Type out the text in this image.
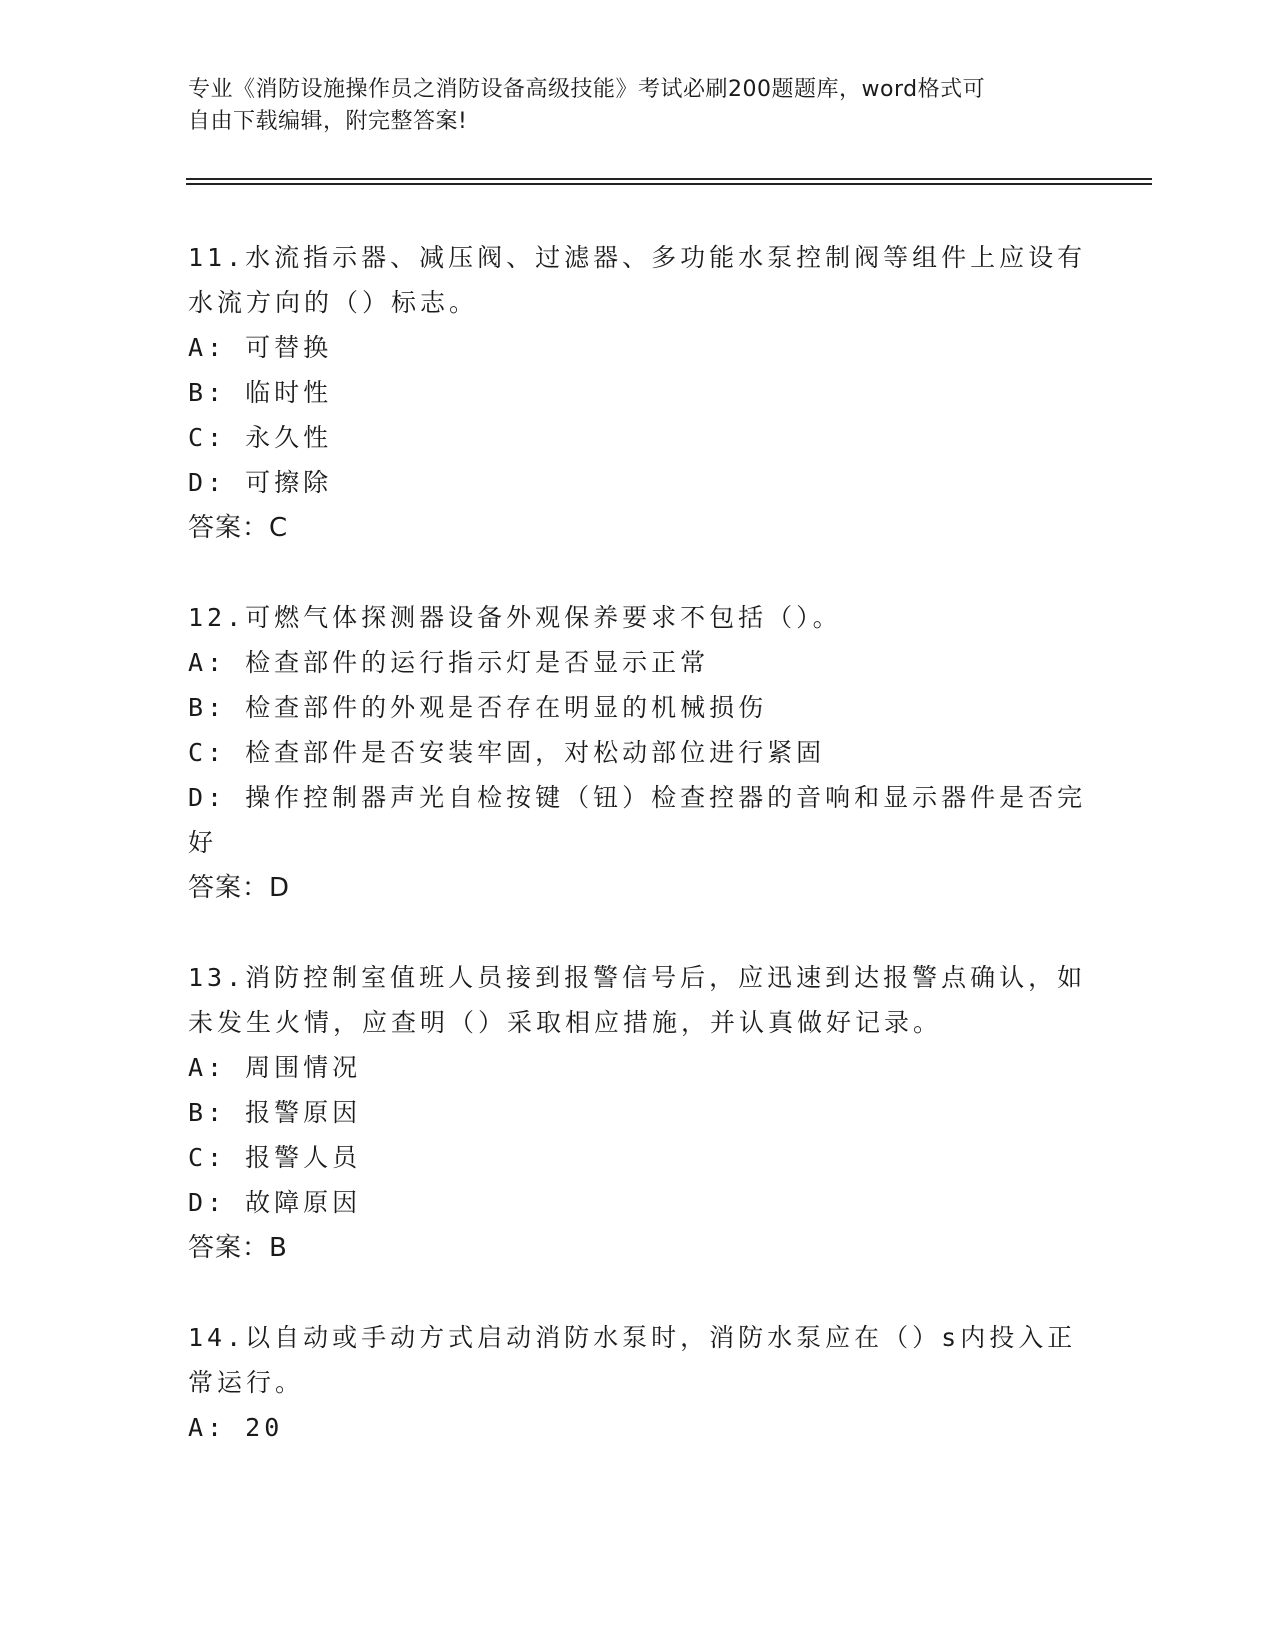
专业《消防设施操作员之消防设备高级技能》考试必刷200题题库，word格式可
自由下载编辑，附完整答案!

11.水流指示器、减压阀、过滤器、多功能水泵控制阀等组件上应设有水流方向的（）标志。

A: 可替换

B: 临时性

C: 永久性

D: 可擦除

答案：C

12.可燃气体探测器设备外观保养要求不包括（）。

A: 检查部件的运行指示灯是否显示正常

B: 检查部件的外观是否存在明显的机械损伤

C: 检查部件是否安装牢固，对松动部位进行紧固

D: 操作控制器声光自检按键（钮）检查控器的音响和显示器件是否完好

答案：D

13.消防控制室值班人员接到报警信号后，应迅速到达报警点确认，如未发生火情，应查明（）采取相应措施，并认真做好记录。

A: 周围情况

B: 报警原因

C: 报警人员

D: 故障原因

答案：B

14.以自动或手动方式启动消防水泵时，消防水泵应在（）s内投入正常运行。

A: 20
